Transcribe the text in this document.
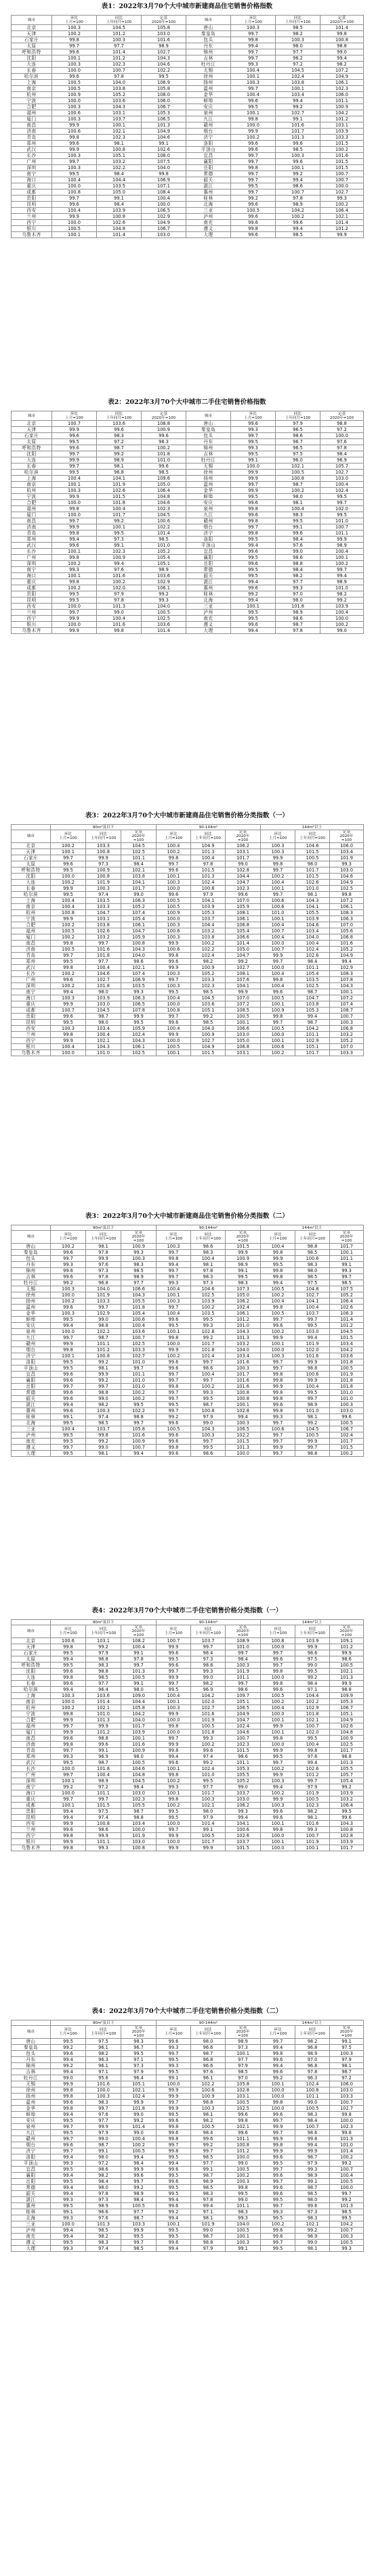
表1：2022年3月70个大中城市新建商品住宅销售价格指数
城市	环比
上月=100	同比
上年同月=100	定基
2020年=100	城市	环比
上月=100	同比
上年同月=100	定基
2020年=100
北京	100.3	104.5	105.8	唐山	100.3	98.5	101.4
天津	100.2	101.2	103.0	秦皇岛	99.7	98.2	99.8
石家庄	99.8	100.3	101.6	包头	99.8	100.3	100.8
太原	99.7	97.7	98.9	丹东	99.4	98.0	98.8
呼和浩特	99.6	101.4	102.7	锦州	99.7	97.7	99.0
沈阳	100.1	101.2	104.3	吉林	99.7	98.2	99.4
大连	100.3	102.3	104.6	牡丹江	99.3	97.2	98.2
长春	100.0	100.7	102.2	无锡	100.4	104.5	107.2
哈尔滨	99.6	97.8	99.5	徐州	100.1	102.4	104.9
上海	100.5	104.0	106.9	扬州	100.3	103.8	106.1
南京	100.5	103.8	105.8	温州	99.7	100.1	102.3
杭州	100.9	105.2	108.0	金华	100.4	103.4	106.0
宁波	100.0	103.6	106.0	蚌埠	99.6	99.4	101.1
合肥	100.3	104.3	106.7	安庆	99.5	99.2	100.9
福州	100.6	103.1	105.3	泉州	100.1	102.7	104.2
厦门	100.3	103.7	106.5	九江	99.8	99.1	101.2
南昌	99.9	100.1	101.3	赣州	100.0	101.6	103.1
济南	100.6	102.1	104.9	烟台	99.9	101.7	103.9
青岛	99.8	102.3	104.6	济宁	100.2	101.3	103.3
郑州	99.6	98.1	99.1	洛阳	99.6	99.6	101.5
武汉	99.9	100.8	102.6	平顶山	99.6	98.5	100.2
长沙	100.3	105.1	108.0	宜昌	99.7	100.3	101.6
广州	99.7	103.2	107.5	襄阳	99.7	99.6	101.5
深圳	100.3	102.2	104.0	岳阳	99.8	100.1	101.5
南宁	99.5	98.4	99.8	常德	99.7	99.2	100.7
海口	100.4	104.4	106.9	韶关	99.7	99.4	100.7
重庆	100.0	103.5	107.1	湛江	99.5	98.6	100.0
成都	100.8	105.0	108.4	惠州	99.7	100.7	102.7
贵阳	99.7	99.1	100.4	桂林	99.2	97.8	99.3
昆明	99.6	98.4	100.0	北海	99.6	98.9	100.2
西安	100.4	103.9	106.5	三亚	100.5	104.2	106.4
兰州	99.9	100.8	102.9	泸州	99.6	100.2	102.1
西宁	100.0	102.6	104.9	南充	99.6	99.6	101.4
银川	100.5	104.8	106.7	遵义	99.8	99.4	101.2
乌鲁木齐	100.1	101.4	103.0	大理	99.6	98.5	99.9
表2：2022年3月70个大中城市二手住宅销售价格指数
城市	环比
上月=100	同比
上年同月=100	定基
2020年=100	城市	环比
上月=100	同比
上年同月=100	定基
2020年=100
北京	100.7	103.6	108.8	唐山	99.6	97.9	98.8
天津	99.9	99.6	100.9	秦皇岛	99.3	96.5	97.2
石家庄	99.6	98.3	99.6	包头	99.7	98.6	100.0
太原	99.5	97.2	98.3	丹东	99.5	96.7	97.6
呼和浩特	99.6	98.7	100.2	锦州	99.3	96.5	97.8
沈阳	99.7	99.2	101.8	吉林	99.5	97.5	98.4
大连	99.9	98.9	101.0	牡丹江	99.1	96.0	96.9
长春	99.7	98.1	99.6	无锡	100.0	102.1	105.7
哈尔滨	99.5	96.8	98.5	徐州	99.9	100.5	102.7
上海	100.4	104.1	109.6	扬州	99.9	100.8	103.0
南京	100.1	101.9	105.0	温州	99.7	98.7	100.4
杭州	100.3	102.6	106.4	金华	99.9	100.2	102.4
宁波	99.9	101.5	104.8	蚌埠	99.5	98.0	99.5
合肥	100.0	101.8	104.6	安庆	99.6	98.1	99.7
福州	99.8	100.4	102.3	泉州	99.8	100.4	102.0
厦门	100.0	101.7	104.5	九江	99.6	98.3	99.5
南昌	99.7	99.2	100.6	赣州	99.8	99.5	101.0
济南	99.9	100.1	102.2	烟台	99.7	99.1	100.7
青岛	99.8	99.5	101.4	济宁	99.8	99.6	101.1
郑州	99.4	97.3	98.5	洛阳	99.5	98.4	99.9
武汉	99.6	99.1	101.0	平顶山	99.4	97.6	98.9
长沙	100.1	102.3	105.2	宜昌	99.6	99.0	100.4
广州	99.8	100.9	105.4	襄阳	99.5	98.6	100.1
深圳	100.2	99.4	105.1	岳阳	99.6	98.8	100.2
南宁	99.3	97.6	98.9	常德	99.5	98.4	99.7
海口	100.1	101.6	103.6	韶关	99.5	98.2	99.4
重庆	99.8	100.2	102.9	湛江	99.4	97.7	98.9
成都	100.2	102.0	106.1	惠州	99.6	99.3	101.0
贵阳	99.5	97.9	99.2	桂林	99.2	97.0	98.2
昆明	99.5	97.8	99.3	北海	99.4	98.0	99.2
西安	100.0	101.3	104.0	三亚	100.1	101.8	103.9
兰州	99.7	99.0	100.5	泸州	99.5	98.9	100.4
西宁	99.9	100.4	102.5	南充	99.5	98.6	100.0
银川	100.0	101.6	103.6	遵义	99.6	98.7	100.2
乌鲁木齐	99.9	99.8	101.4	大理	99.4	97.8	99.0
表3：2022年3月70个大中城市新建商品住宅销售价格分类指数（一）
	90m²及以下			90-144m²			144m²以上		
城市	环比
上月=100	同比
上年同月=100	定基
2020年
=100	环比
上月=100	同比
上年同月=100	定基
2020年
=100	环比
上月=100	同比
上年同月=100	定基
2020年
=100
北京	100.2	103.3	104.5	100.4	104.9	106.2	100.3	104.6	106.0
天津	100.1	100.8	102.5	100.2	101.3	103.1	100.3	101.5	103.4
石家庄	99.7	99.9	101.1	99.8	100.4	101.7	99.9	100.5	101.9
太原	99.6	97.3	98.4	99.7	97.8	99.0	99.8	98.0	99.3
呼和浩特	99.5	100.9	102.1	99.6	101.5	102.8	99.7	101.7	103.0
沈阳	100.0	100.8	103.8	100.1	101.3	104.4	100.2	101.5	104.6
大连	100.2	101.9	104.1	100.3	102.4	104.7	100.4	102.6	104.9
长春	99.9	100.3	101.7	100.0	100.8	102.3	100.1	101.0	102.5
哈尔滨	99.5	97.4	99.0	99.6	97.9	99.6	99.7	98.1	99.8
上海	100.4	103.5	106.3	100.5	104.1	107.0	100.6	104.3	107.2
南京	100.4	103.3	105.2	100.5	103.9	105.9	100.6	104.1	106.1
杭州	100.8	104.7	107.4	100.9	105.3	108.1	101.0	105.5	108.3
宁波	99.9	103.1	105.4	100.0	103.7	106.1	100.1	103.9	106.3
合肥	100.2	103.8	106.1	100.3	104.4	106.8	100.4	104.6	107.0
福州	100.5	102.6	104.7	100.6	103.2	105.4	100.7	103.4	105.6
厦门	100.2	103.2	105.9	100.3	103.8	106.6	100.4	104.0	106.8
南昌	99.8	99.7	100.8	99.9	100.2	101.4	100.0	100.4	101.6
济南	100.5	101.6	104.3	100.6	102.2	105.0	100.7	102.4	105.2
青岛	99.7	101.8	104.0	99.8	102.4	104.7	99.9	102.6	104.9
郑州	99.5	97.7	98.6	99.6	98.2	99.2	99.7	98.4	99.4
武汉	99.8	100.4	102.1	99.9	100.9	102.7	100.0	101.1	102.9
长沙	100.2	104.6	107.4	100.3	105.2	108.1	100.4	105.4	108.3
广州	99.6	102.7	106.9	99.7	103.3	107.6	99.8	103.5	107.8
深圳	100.2	101.8	103.5	100.3	102.3	104.1	100.4	102.5	104.3
南宁	99.4	98.0	99.3	99.5	98.5	99.9	99.6	98.7	100.1
海口	100.3	103.9	106.3	100.4	104.5	107.0	100.5	104.7	107.2
重庆	99.9	103.0	106.5	100.0	103.6	107.2	100.1	103.8	107.4
成都	100.7	104.5	107.8	100.8	105.1	108.5	100.9	105.3	108.7
贵阳	99.6	98.7	99.9	99.7	99.2	100.5	99.8	99.4	100.7
昆明	99.5	98.0	99.5	99.6	98.5	100.1	99.7	98.7	100.3
西安	100.3	103.4	105.9	100.4	104.0	106.6	100.5	104.2	106.8
兰州	99.8	100.4	102.4	99.9	100.9	103.0	100.0	101.1	103.2
西宁	99.9	102.1	104.3	100.0	102.7	105.0	100.1	102.9	105.2
银川	100.4	104.3	106.1	100.5	104.9	106.8	100.6	105.1	107.0
乌鲁木齐	100.0	101.0	102.5	100.1	101.5	103.1	100.2	101.7	103.3
表3：2022年3月70个大中城市新建商品住宅销售价格分类指数（二）
	90m²及以下			90-144m²			144m²以上		
城市	环比
上月=100	同比
上年同月=100	定基
2020年
=100	环比
上月=100	同比
上年同月=100	定基
2020年
=100	环比
上月=100	同比
上年同月=100	定基
2020年
=100
唐山	100.2	98.1	100.9	100.3	98.6	101.5	100.4	98.8	101.7
秦皇岛	99.6	97.8	99.3	99.7	98.3	99.9	99.8	98.5	100.1
包头	99.7	99.9	100.3	99.8	100.4	100.9	99.9	100.6	101.1
丹东	99.3	97.6	98.3	99.4	98.1	98.9	99.5	98.3	99.1
锦州	99.6	97.3	98.5	99.7	97.8	99.1	99.8	98.0	99.3
吉林	99.6	97.8	98.9	99.7	98.3	99.5	99.8	98.5	99.7
牡丹江	99.2	96.8	97.7	99.3	97.3	98.3	99.4	97.5	98.5
无锡	100.3	104.0	106.6	100.4	104.6	107.3	100.5	104.8	107.5
徐州	100.0	101.9	104.3	100.1	102.5	105.0	100.2	102.7	105.2
扬州	100.2	103.3	105.5	100.3	103.9	106.2	100.4	104.1	106.4
温州	99.6	99.7	101.8	99.7	100.2	102.4	99.8	100.4	102.6
金华	100.3	102.9	105.4	100.4	103.5	106.1	100.5	103.7	106.3
蚌埠	99.5	99.0	100.6	99.6	99.5	101.2	99.7	99.7	101.4
安庆	99.4	98.8	100.4	99.5	99.3	101.0	99.6	99.5	101.2
泉州	100.0	102.2	103.6	100.1	102.8	104.3	100.2	103.0	104.5
九江	99.7	98.7	100.7	99.8	99.2	101.3	99.9	99.4	101.5
赣州	99.9	101.1	102.5	100.0	101.7	103.2	100.1	101.9	103.4
烟台	99.8	101.2	103.3	99.9	101.8	104.0	100.0	102.0	104.2
济宁	100.1	100.8	102.7	100.2	101.4	103.4	100.3	101.6	103.6
洛阳	99.5	99.2	101.0	99.6	99.7	101.6	99.7	99.9	101.8
平顶山	99.5	98.1	99.7	99.6	98.6	100.3	99.7	98.8	100.5
宜昌	99.6	99.9	101.1	99.7	100.4	101.7	99.8	100.6	101.9
襄阳	99.6	99.2	101.0	99.7	99.7	101.6	99.8	99.9	101.8
岳阳	99.7	99.7	101.0	99.8	100.2	101.6	99.9	100.4	101.8
常德	99.6	98.8	100.2	99.7	99.3	100.8	99.8	99.5	101.0
韶关	99.6	99.0	100.2	99.7	99.5	100.8	99.8	99.7	101.0
湛江	99.4	98.2	99.5	99.5	98.7	100.1	99.6	98.9	100.3
惠州	99.6	100.3	102.2	99.7	100.8	102.8	99.8	101.0	103.0
桂林	99.1	97.4	98.8	99.2	97.9	99.4	99.3	98.1	99.6
北海	99.5	98.5	99.7	99.6	99.0	100.3	99.7	99.2	100.5
三亚	100.4	103.7	105.8	100.5	104.3	106.5	100.6	104.5	106.7
泸州	99.5	99.8	101.6	99.6	100.3	102.2	99.7	100.5	102.4
南充	99.5	99.2	100.9	99.6	99.7	101.5	99.7	99.9	101.7
遵义	99.7	99.0	100.7	99.8	99.5	101.3	99.9	99.7	101.5
大理	99.5	98.1	99.4	99.6	98.6	100.0	99.7	98.8	100.2
表4：2022年3月70个大中城市二手住宅销售价格分类指数（一）
	90m²及以下			90-144m²			144m²以上		
城市	环比
上月=100	同比
上年同月=100	定基
2020年
=100	环比
上月=100	同比
上年同月=100	定基
2020年
=100	环比
上月=100	同比
上年同月=100	定基
2020年
=100
北京	100.6	103.1	108.2	100.7	103.7	108.9	100.8	103.9	109.1
天津	99.8	99.2	100.4	99.9	99.7	101.0	100.0	99.9	101.2
石家庄	99.5	97.9	99.1	99.6	98.4	99.7	99.7	98.6	99.9
太原	99.4	96.8	97.8	99.5	97.3	98.4	99.6	97.5	98.6
呼和浩特	99.5	98.3	99.7	99.6	98.8	100.3	99.7	99.0	100.5
沈阳	99.6	98.8	101.3	99.7	99.3	101.9	99.8	99.5	102.1
大连	99.8	98.5	100.5	99.9	99.0	101.1	100.0	99.2	101.3
长春	99.6	97.7	99.1	99.7	98.2	99.7	99.8	98.4	99.9
哈尔滨	99.4	96.4	98.0	99.5	96.9	98.6	99.6	97.1	98.8
上海	100.3	103.6	109.0	100.4	104.2	109.7	100.5	104.4	109.9
南京	100.0	101.4	104.4	100.1	102.0	105.1	100.2	102.2	105.3
杭州	100.2	102.1	105.8	100.3	102.7	106.5	100.4	102.9	106.7
宁波	99.8	101.0	104.2	99.9	101.6	104.9	100.0	101.8	105.1
合肥	99.9	101.3	104.0	100.0	101.9	104.7	100.1	102.1	104.9
福州	99.7	99.9	101.7	99.8	100.5	102.4	99.9	100.7	102.6
厦门	99.9	101.2	103.9	100.0	101.8	104.6	100.1	102.0	104.8
南昌	99.6	98.8	100.1	99.7	99.3	100.7	99.8	99.5	100.9
济南	99.8	99.6	101.6	99.9	100.2	102.3	100.0	100.4	102.5
青岛	99.7	99.1	100.9	99.8	99.6	101.5	99.9	99.8	101.7
郑州	99.3	96.9	98.0	99.4	97.4	98.6	99.5	97.6	98.8
武汉	99.5	98.7	100.5	99.6	99.2	101.1	99.7	99.4	101.3
长沙	100.0	101.8	104.6	100.1	102.4	105.3	100.2	102.6	105.5
广州	99.7	100.4	104.8	99.8	101.0	105.5	99.9	101.2	105.7
深圳	100.1	98.9	104.5	100.2	99.5	105.2	100.3	99.7	105.4
南宁	99.2	97.2	98.4	99.3	97.7	99.0	99.4	97.9	99.2
海口	100.0	101.1	103.0	100.1	101.7	103.7	100.2	101.9	103.9
重庆	99.7	99.7	102.3	99.8	100.3	103.0	99.9	100.5	103.2
成都	100.1	101.5	105.5	100.2	102.1	106.2	100.3	102.3	106.4
贵阳	99.4	97.5	98.7	99.5	98.0	99.3	99.6	98.2	99.5
昆明	99.4	97.4	98.8	99.5	97.9	99.4	99.6	98.1	99.6
西安	99.9	100.8	103.4	100.0	101.4	104.1	100.1	101.6	104.3
兰州	99.6	98.6	100.0	99.7	99.1	100.6	99.8	99.3	100.8
西宁	99.8	99.9	101.9	99.9	100.5	102.6	100.0	100.7	102.8
银川	99.9	101.1	103.0	100.0	101.7	103.7	100.1	101.9	103.9
乌鲁木齐	99.8	99.3	100.8	99.9	99.9	101.5	100.0	100.1	101.7
表4：2022年3月70个大中城市二手住宅销售价格分类指数（二）
	90m²及以下			90-144m²			144m²以上		
城市	环比
上月=100	同比
上年同月=100	定基
2020年
=100	环比
上月=100	同比
上年同月=100	定基
2020年
=100	环比
上月=100	同比
上年同月=100	定基
2020年
=100
唐山	99.5	97.5	98.3	99.6	98.0	98.9	99.7	98.2	99.1
秦皇岛	99.2	96.1	96.7	99.3	96.6	97.3	99.4	96.8	97.5
包头	99.6	98.2	99.5	99.7	98.7	100.1	99.8	98.9	100.3
丹东	99.4	96.3	97.1	99.5	96.8	97.7	99.6	97.0	97.9
锦州	99.2	96.1	97.3	99.3	96.6	97.9	99.4	96.8	98.1
吉林	99.4	97.1	97.9	99.5	97.6	98.5	99.6	97.8	98.7
牡丹江	99.0	95.6	96.4	99.1	96.1	97.0	99.2	96.3	97.2
无锡	99.9	101.6	105.1	100.0	102.2	105.8	100.1	102.4	106.0
徐州	99.8	100.0	102.1	99.9	100.6	102.8	100.0	100.8	103.0
扬州	99.8	100.3	102.4	99.9	100.9	103.1	100.0	101.1	103.3
温州	99.6	98.3	99.9	99.7	98.8	100.5	99.8	99.0	100.7
金华	99.8	99.7	101.8	99.9	100.3	102.5	100.0	100.5	102.7
蚌埠	99.4	97.6	99.0	99.5	98.1	99.6	99.6	98.3	99.8
安庆	99.5	97.7	99.2	99.6	98.2	99.8	99.7	98.4	100.0
泉州	99.7	99.9	101.4	99.8	100.5	102.1	99.9	100.7	102.3
九江	99.5	97.9	99.0	99.6	98.4	99.6	99.7	98.6	99.8
赣州	99.7	99.0	100.4	99.8	99.6	101.1	99.9	99.8	101.3
烟台	99.6	98.7	100.2	99.7	99.2	100.8	99.8	99.4	101.0
济宁	99.7	99.1	100.5	99.8	99.7	101.2	99.9	99.9	101.4
洛阳	99.4	98.0	99.4	99.5	98.5	100.0	99.6	98.7	100.2
平顶山	99.3	97.2	98.4	99.4	97.7	99.0	99.5	97.9	99.2
宜昌	99.5	98.6	99.9	99.6	99.1	100.5	99.7	99.3	100.7
襄阳	99.4	98.2	99.6	99.5	98.7	100.2	99.6	98.9	100.4
岳阳	99.5	98.4	99.7	99.6	98.9	100.3	99.7	99.1	100.5
常德	99.4	98.0	99.2	99.5	98.5	99.8	99.6	98.7	100.0
韶关	99.4	97.8	98.9	99.5	98.3	99.5	99.6	98.5	99.7
湛江	99.3	97.3	98.4	99.4	97.8	99.0	99.5	98.0	99.2
惠州	99.5	98.9	100.5	99.6	99.4	101.1	99.7	99.6	101.3
桂林	99.1	96.6	97.7	99.2	97.1	98.3	99.3	97.3	98.5
北海	99.3	97.6	98.7	99.4	98.1	99.3	99.5	98.3	99.5
三亚	100.0	101.3	103.3	100.1	101.9	104.0	100.2	102.1	104.2
泸州	99.4	98.5	99.9	99.5	99.0	100.5	99.6	99.2	100.7
南充	99.4	98.2	99.5	99.5	98.7	100.1	99.6	98.9	100.3
遵义	99.5	98.3	99.7	99.6	98.8	100.3	99.7	99.0	100.5
大理	99.3	97.4	98.5	99.4	97.9	99.1	99.5	98.1	99.3
